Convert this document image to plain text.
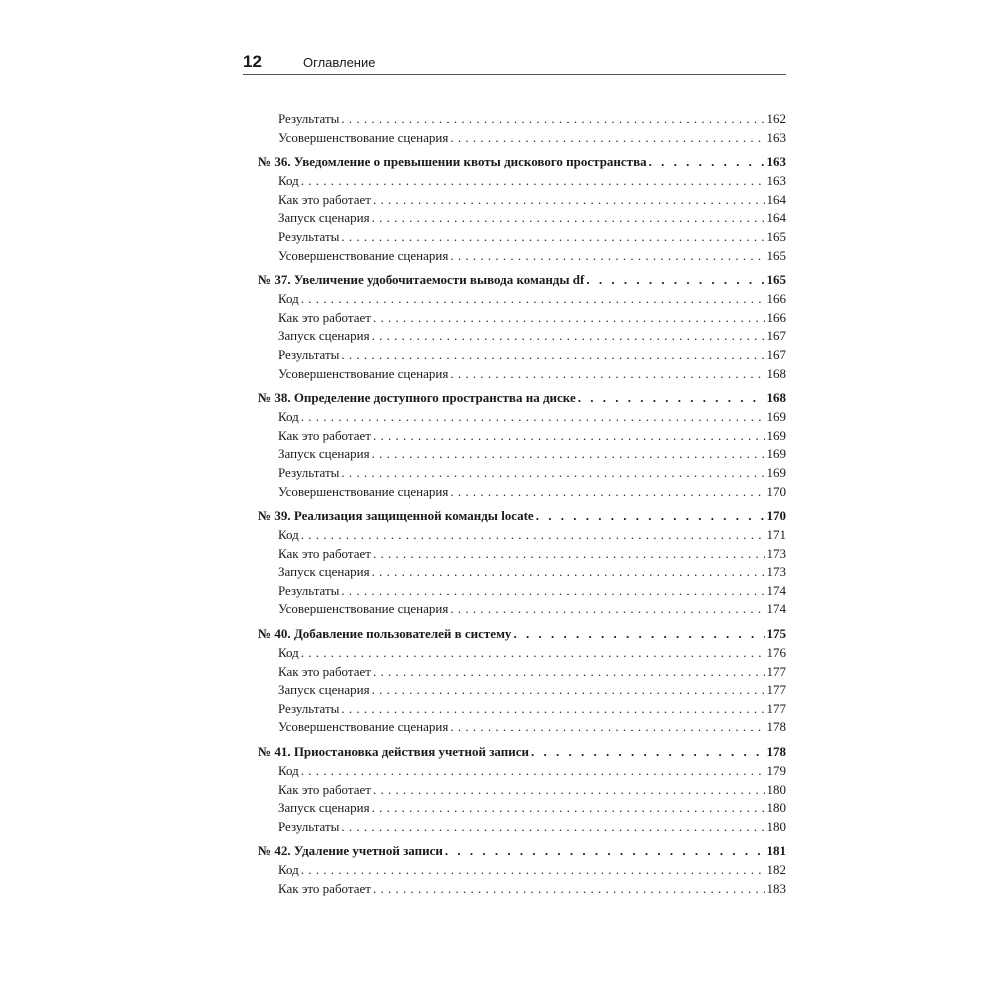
12	Оглавление
Результаты . . .	162
Усовершенствование сценария . . .	163
№ 36. Уведомление о превышении квоты дискового пространства . . .	163
Код . . .	163
Как это работает . . .	164
Запуск сценария . . .	164
Результаты . . .	165
Усовершенствование сценария . . .	165
№ 37. Увеличение удобочитаемости вывода команды df . . .	165
Код . . .	166
Как это работает . . .	166
Запуск сценария . . .	167
Результаты . . .	167
Усовершенствование сценария . . .	168
№ 38. Определение доступного пространства на диске . . .	168
Код . . .	169
Как это работает . . .	169
Запуск сценария . . .	169
Результаты . . .	169
Усовершенствование сценария . . .	170
№ 39. Реализация защищенной команды locate . . .	170
Код . . .	171
Как это работает . . .	173
Запуск сценария . . .	173
Результаты . . .	174
Усовершенствование сценария . . .	174
№ 40. Добавление пользователей в систему . . .	175
Код . . .	176
Как это работает . . .	177
Запуск сценария . . .	177
Результаты . . .	177
Усовершенствование сценария . . .	178
№ 41. Приостановка действия учетной записи . . .	178
Код . . .	179
Как это работает . . .	180
Запуск сценария . . .	180
Результаты . . .	180
№ 42. Удаление учетной записи . . .	181
Код . . .	182
Как это работает . . .	183
